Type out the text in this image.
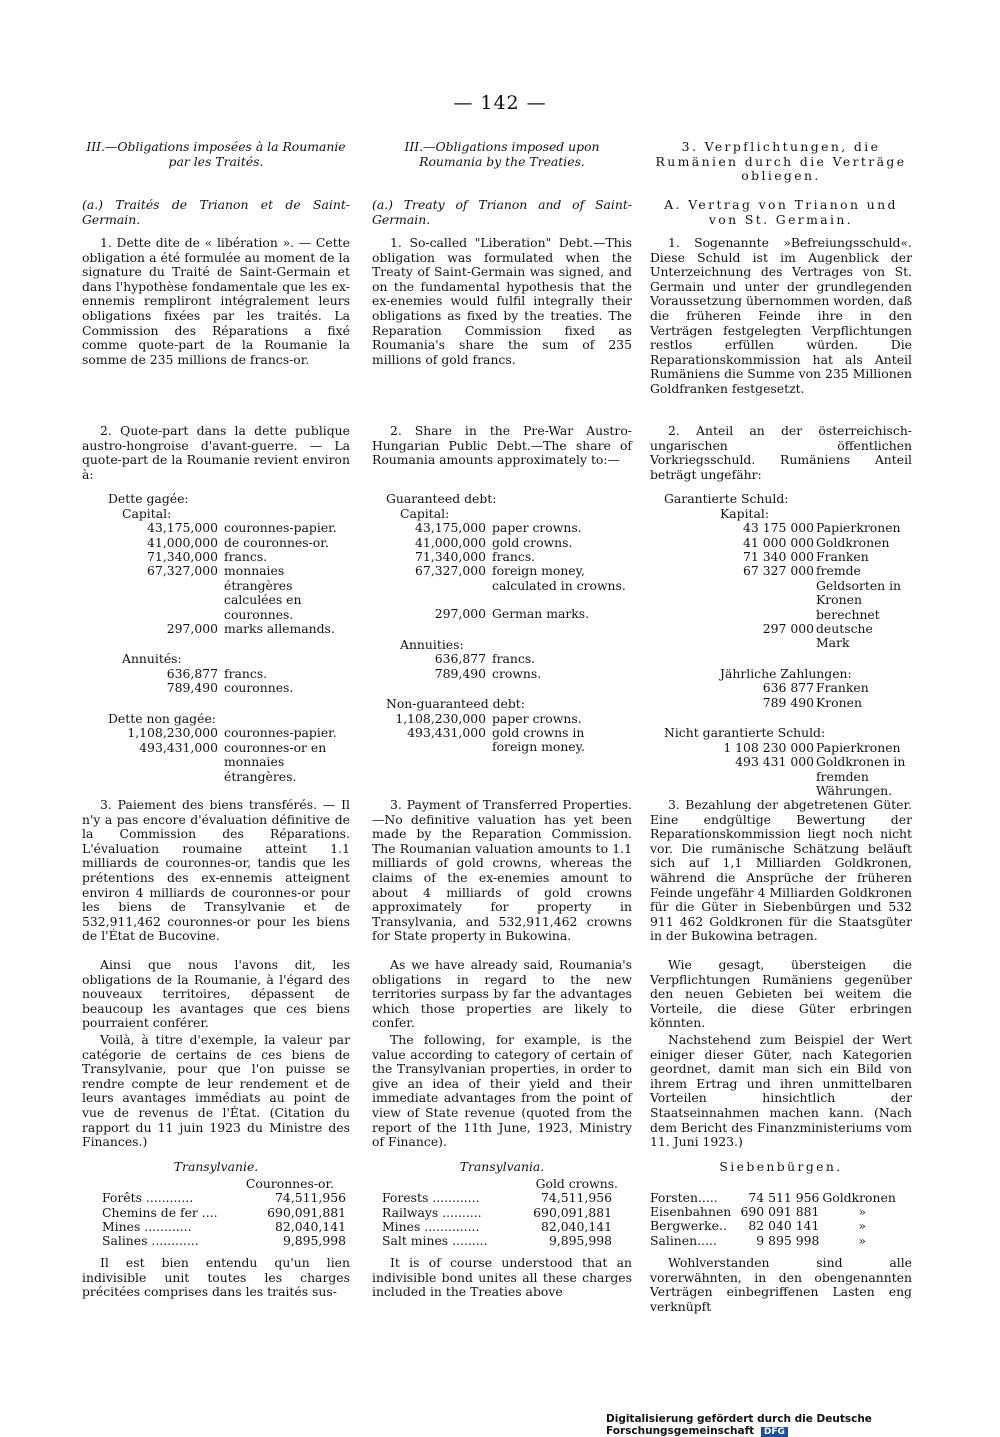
— 142 —

III.—Obligations imposées à la Roumanie par les Traités.

(a.) Traités de Trianon et de Saint-Germain.

1. Dette dite de « libération ». — Cette obligation a été formulée au moment de la signature du Traité de Saint-Germain et dans l'hypothèse fondamentale que les ex-ennemis rempliront intégralement leurs obligations fixées par les traités. La Commission des Réparations a fixé comme quote-part de la Roumanie la somme de 235 millions de francs-or.

2. Quote-part dans la dette publique austro-hongroise d'avant-guerre. — La quote-part de la Roumanie revient environ à:

Dette gagée:
Capital:
43,175,000	couronnes-papier.
41,000,000	de couronnes-or.
71,340,000	francs.
67,327,000	monnaies étrangères calculées en couronnes.
297,000	marks allemands.
Annuités:
636,877	francs.
789,490	couronnes.
Dette non gagée:
1,108,230,000	couronnes-papier.
493,431,000	couronnes-or en monnaies étrangères.

3. Paiement des biens transférés. — Il n'y a pas encore d'évaluation définitive de la Commission des Réparations. L'évaluation roumaine atteint 1.1 milliards de couronnes-or, tandis que les prétentions des ex-ennemis atteignent environ 4 milliards de couronnes-or pour les biens de Transylvanie et de 532,911,462 couronnes-or pour les biens de l'État de Bucovine.

Ainsi que nous l'avons dit, les obligations de la Roumanie, à l'égard des nouveaux territoires, dépassent de beaucoup les avantages que ces biens pourraient conférer.

Voilà, à titre d'exemple, la valeur par catégorie de certains de ces biens de Transylvanie, pour que l'on puisse se rendre compte de leur rendement et de leurs avantages immédiats au point de vue de revenus de l'État. (Citation du rapport du 11 juin 1923 du Ministre des Finances.)

Transylvanie.

Couronnes-or.
Forêts ............	74,511,956
Chemins de fer ....	690,091,881
Mines ............	82,040,141
Salines ............	9,895,998

Il est bien entendu qu'un lien indivisible unit toutes les charges précitées comprises dans les traités sus-

III.—Obligations imposed upon Roumania by the Treaties.

(a.) Treaty of Trianon and of Saint-Germain.

1. So-called "Liberation" Debt.—This obligation was formulated when the Treaty of Saint-Germain was signed, and on the fundamental hypothesis that the ex-enemies would fulfil integrally their obligations as fixed by the treaties. The Reparation Commission fixed as Roumania's share the sum of 235 millions of gold francs.

2. Share in the Pre-War Austro-Hungarian Public Debt.—The share of Roumania amounts approximately to:—

Guaranteed debt:
Capital:
43,175,000	paper crowns.
41,000,000	gold crowns.
71,340,000	francs.
67,327,000	foreign money, calculated in crowns.
297,000	German marks.
Annuities:
636,877	francs.
789,490	crowns.
Non-guaranteed debt:
1,108,230,000	paper crowns.
493,431,000	gold crowns in foreign money.

3. Payment of Transferred Properties.—No definitive valuation has yet been made by the Reparation Commission. The Roumanian valuation amounts to 1.1 milliards of gold crowns, whereas the claims of the ex-enemies amount to about 4 milliards of gold crowns approximately for property in Transylvania, and 532,911,462 crowns for State property in Bukowina.

As we have already said, Roumania's obligations in regard to the new territories surpass by far the advantages which those properties are likely to confer.

The following, for example, is the value according to category of certain of the Transylvanian properties, in order to give an idea of their yield and their immediate advantages from the point of view of State revenue (quoted from the report of the 11th June, 1923, Ministry of Finance).

Transylvania.

Gold crowns.
Forests ............	74,511,956
Railways ..........	690,091,881
Mines ..............	82,040,141
Salt mines .........	9,895,998

It is of course understood that an indivisible bond unites all these charges included in the Treaties above

3. Verpflichtungen, die Rumänien durch die Verträge obliegen.

A. Vertrag von Trianon und von St. Germain.

1. Sogenannte »Befreiungsschuld«. Diese Schuld ist im Augenblick der Unterzeichnung des Vertrages von St. Germain und unter der grundlegenden Voraussetzung übernommen worden, daß die früheren Feinde ihre in den Verträgen festgelegten Verpflichtungen restlos erfüllen würden. Die Reparationskommission hat als Anteil Rumäniens die Summe von 235 Millionen Goldfranken festgesetzt.

2. Anteil an der österreichisch-ungarischen öffentlichen Vorkriegsschuld. Rumäniens Anteil beträgt ungefähr:

Garantierte Schuld:
Kapital:
43 175 000	Papierkronen
41 000 000	Goldkronen
71 340 000	Franken
67 327 000	fremde Geldsorten in Kronen berechnet
297 000	deutsche Mark
Jährliche Zahlungen:
636 877	Franken
789 490	Kronen
Nicht garantierte Schuld:
1 108 230 000	Papierkronen
493 431 000	Goldkronen in fremden Währungen.

3. Bezahlung der abgetretenen Güter. Eine endgültige Bewertung der Reparationskommission liegt noch nicht vor. Die rumänische Schätzung beläuft sich auf 1,1 Milliarden Goldkronen, während die Ansprüche der früheren Feinde ungefähr 4 Milliarden Goldkronen für die Güter in Siebenbürgen und 532 911 462 Goldkronen für die Staatsgüter in der Bukowina betragen.

Wie gesagt, übersteigen die Verpflichtungen Rumäniens gegenüber den neuen Gebieten bei weitem die Vorteile, die diese Güter erbringen könnten.

Nachstehend zum Beispiel der Wert einiger dieser Güter, nach Kategorien geordnet, damit man sich ein Bild von ihrem Ertrag und ihren unmittelbaren Vorteilen hinsichtlich der Staatseinnahmen machen kann. (Nach dem Bericht des Finanzministeriums vom 11. Juni 1923.)

Siebenbürgen.

Forsten.....	74 511 956	Goldkronen
Eisenbahnen	690 091 881	»
Bergwerke..	82 040 141	»
Salinen.....	9 895 998	»

Wohlverstanden sind alle vorerwähnten, in den obengenannten Verträgen einbegriffenen Lasten eng verknüpft

Digitalisierung gefördert durch die Deutsche Forschungsgemeinschaft DFG
